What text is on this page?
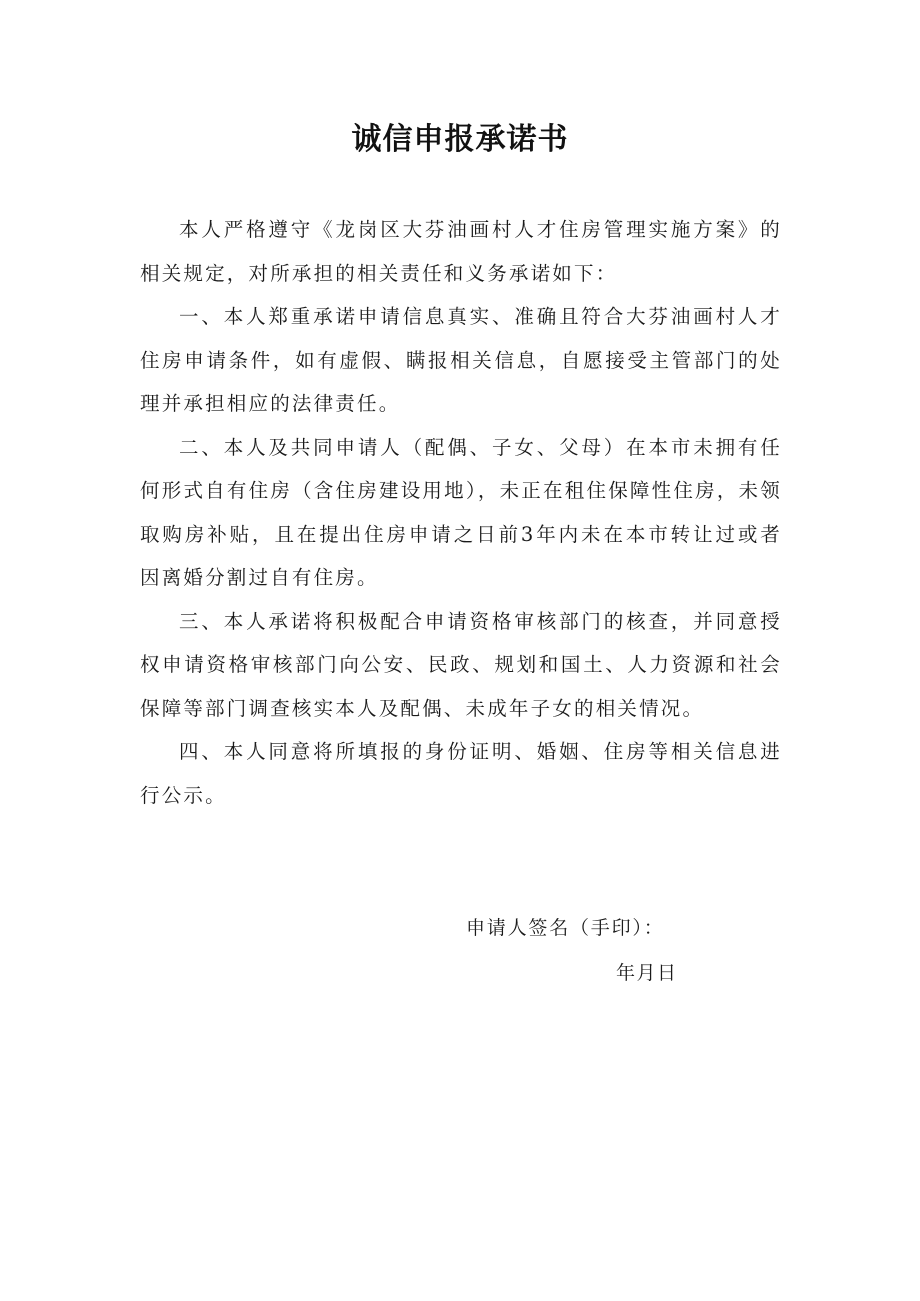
诚信申报承诺书

本人严格遵守《龙岗区大芬油画村人才住房管理实施方案》的相关规定，对所承担的相关责任和义务承诺如下：

一、本人郑重承诺申请信息真实、准确且符合大芬油画村人才住房申请条件，如有虚假、瞒报相关信息，自愿接受主管部门的处理并承担相应的法律责任。

二、本人及共同申请人（配偶、子女、父母）在本市未拥有任何形式自有住房（含住房建设用地），未正在租住保障性住房，未领取购房补贴，且在提出住房申请之日前3年内未在本市转让过或者因离婚分割过自有住房。

三、本人承诺将积极配合申请资格审核部门的核查，并同意授权申请资格审核部门向公安、民政、规划和国土、人力资源和社会保障等部门调查核实本人及配偶、未成年子女的相关情况。

四、本人同意将所填报的身份证明、婚姻、住房等相关信息进行公示。

申请人签名（手印）：
年月日
